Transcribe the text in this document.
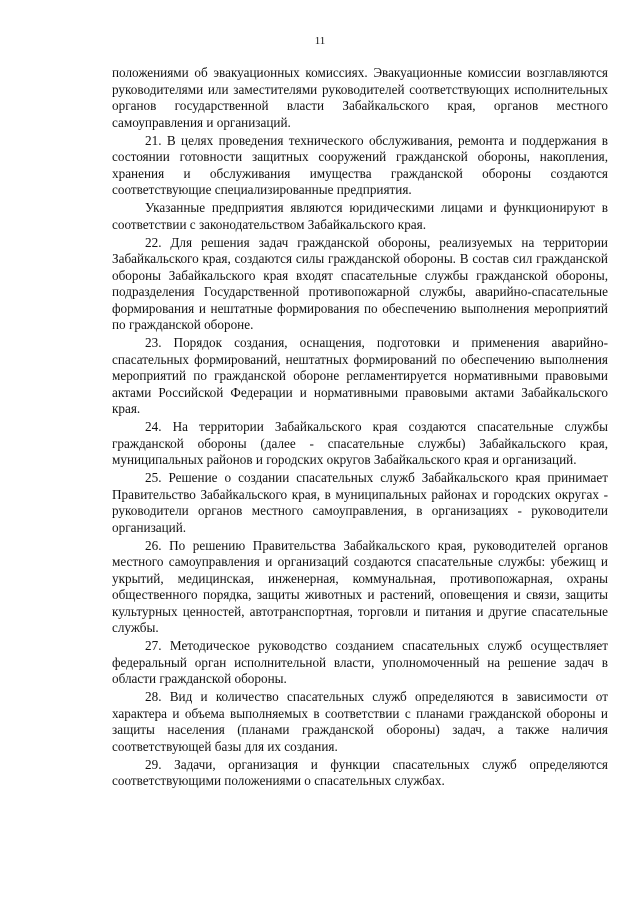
11

положениями об эвакуационных комиссиях. Эвакуационные комиссии возглавляются руководителями или заместителями руководителей соответствующих исполнительных органов государственной власти Забайкальского края, органов местного самоуправления и организаций.

21. В целях проведения технического обслуживания, ремонта и поддержания в состоянии готовности защитных сооружений гражданской обороны, накопления, хранения и обслуживания имущества гражданской обороны создаются соответствующие специализированные предприятия.

Указанные предприятия являются юридическими лицами и функционируют в соответствии с законодательством Забайкальского края.

22. Для решения задач гражданской обороны, реализуемых на территории Забайкальского края, создаются силы гражданской обороны. В состав сил гражданской обороны Забайкальского края входят спасательные службы гражданской обороны, подразделения Государственной противопожарной службы, аварийно-спасательные формирования и нештатные формирования по обеспечению выполнения мероприятий по гражданской обороне.

23. Порядок создания, оснащения, подготовки и применения аварийно-спасательных формирований, нештатных формирований по обеспечению выполнения мероприятий по гражданской обороне регламентируется нормативными правовыми актами Российской Федерации и нормативными правовыми актами Забайкальского края.

24. На территории Забайкальского края создаются спасательные службы гражданской обороны (далее - спасательные службы) Забайкальского края, муниципальных районов и городских округов Забайкальского края и организаций.

25. Решение о создании спасательных служб Забайкальского края принимает Правительство Забайкальского края, в муниципальных районах и городских округах - руководители органов местного самоуправления, в организациях - руководители организаций.

26. По решению Правительства Забайкальского края, руководителей органов местного самоуправления и организаций создаются спасательные службы: убежищ и укрытий, медицинская, инженерная, коммунальная, противопожарная, охраны общественного порядка, защиты животных и растений, оповещения и связи, защиты культурных ценностей, автотранспортная, торговли и питания и другие спасательные службы.

27. Методическое руководство созданием спасательных служб осуществляет федеральный орган исполнительной власти, уполномоченный на решение задач в области гражданской обороны.

28. Вид и количество спасательных служб определяются в зависимости от характера и объема выполняемых в соответствии с планами гражданской обороны и защиты населения (планами гражданской обороны) задач, а также наличия соответствующей базы для их создания.

29. Задачи, организация и функции спасательных служб определяются соответствующими положениями о спасательных службах.
